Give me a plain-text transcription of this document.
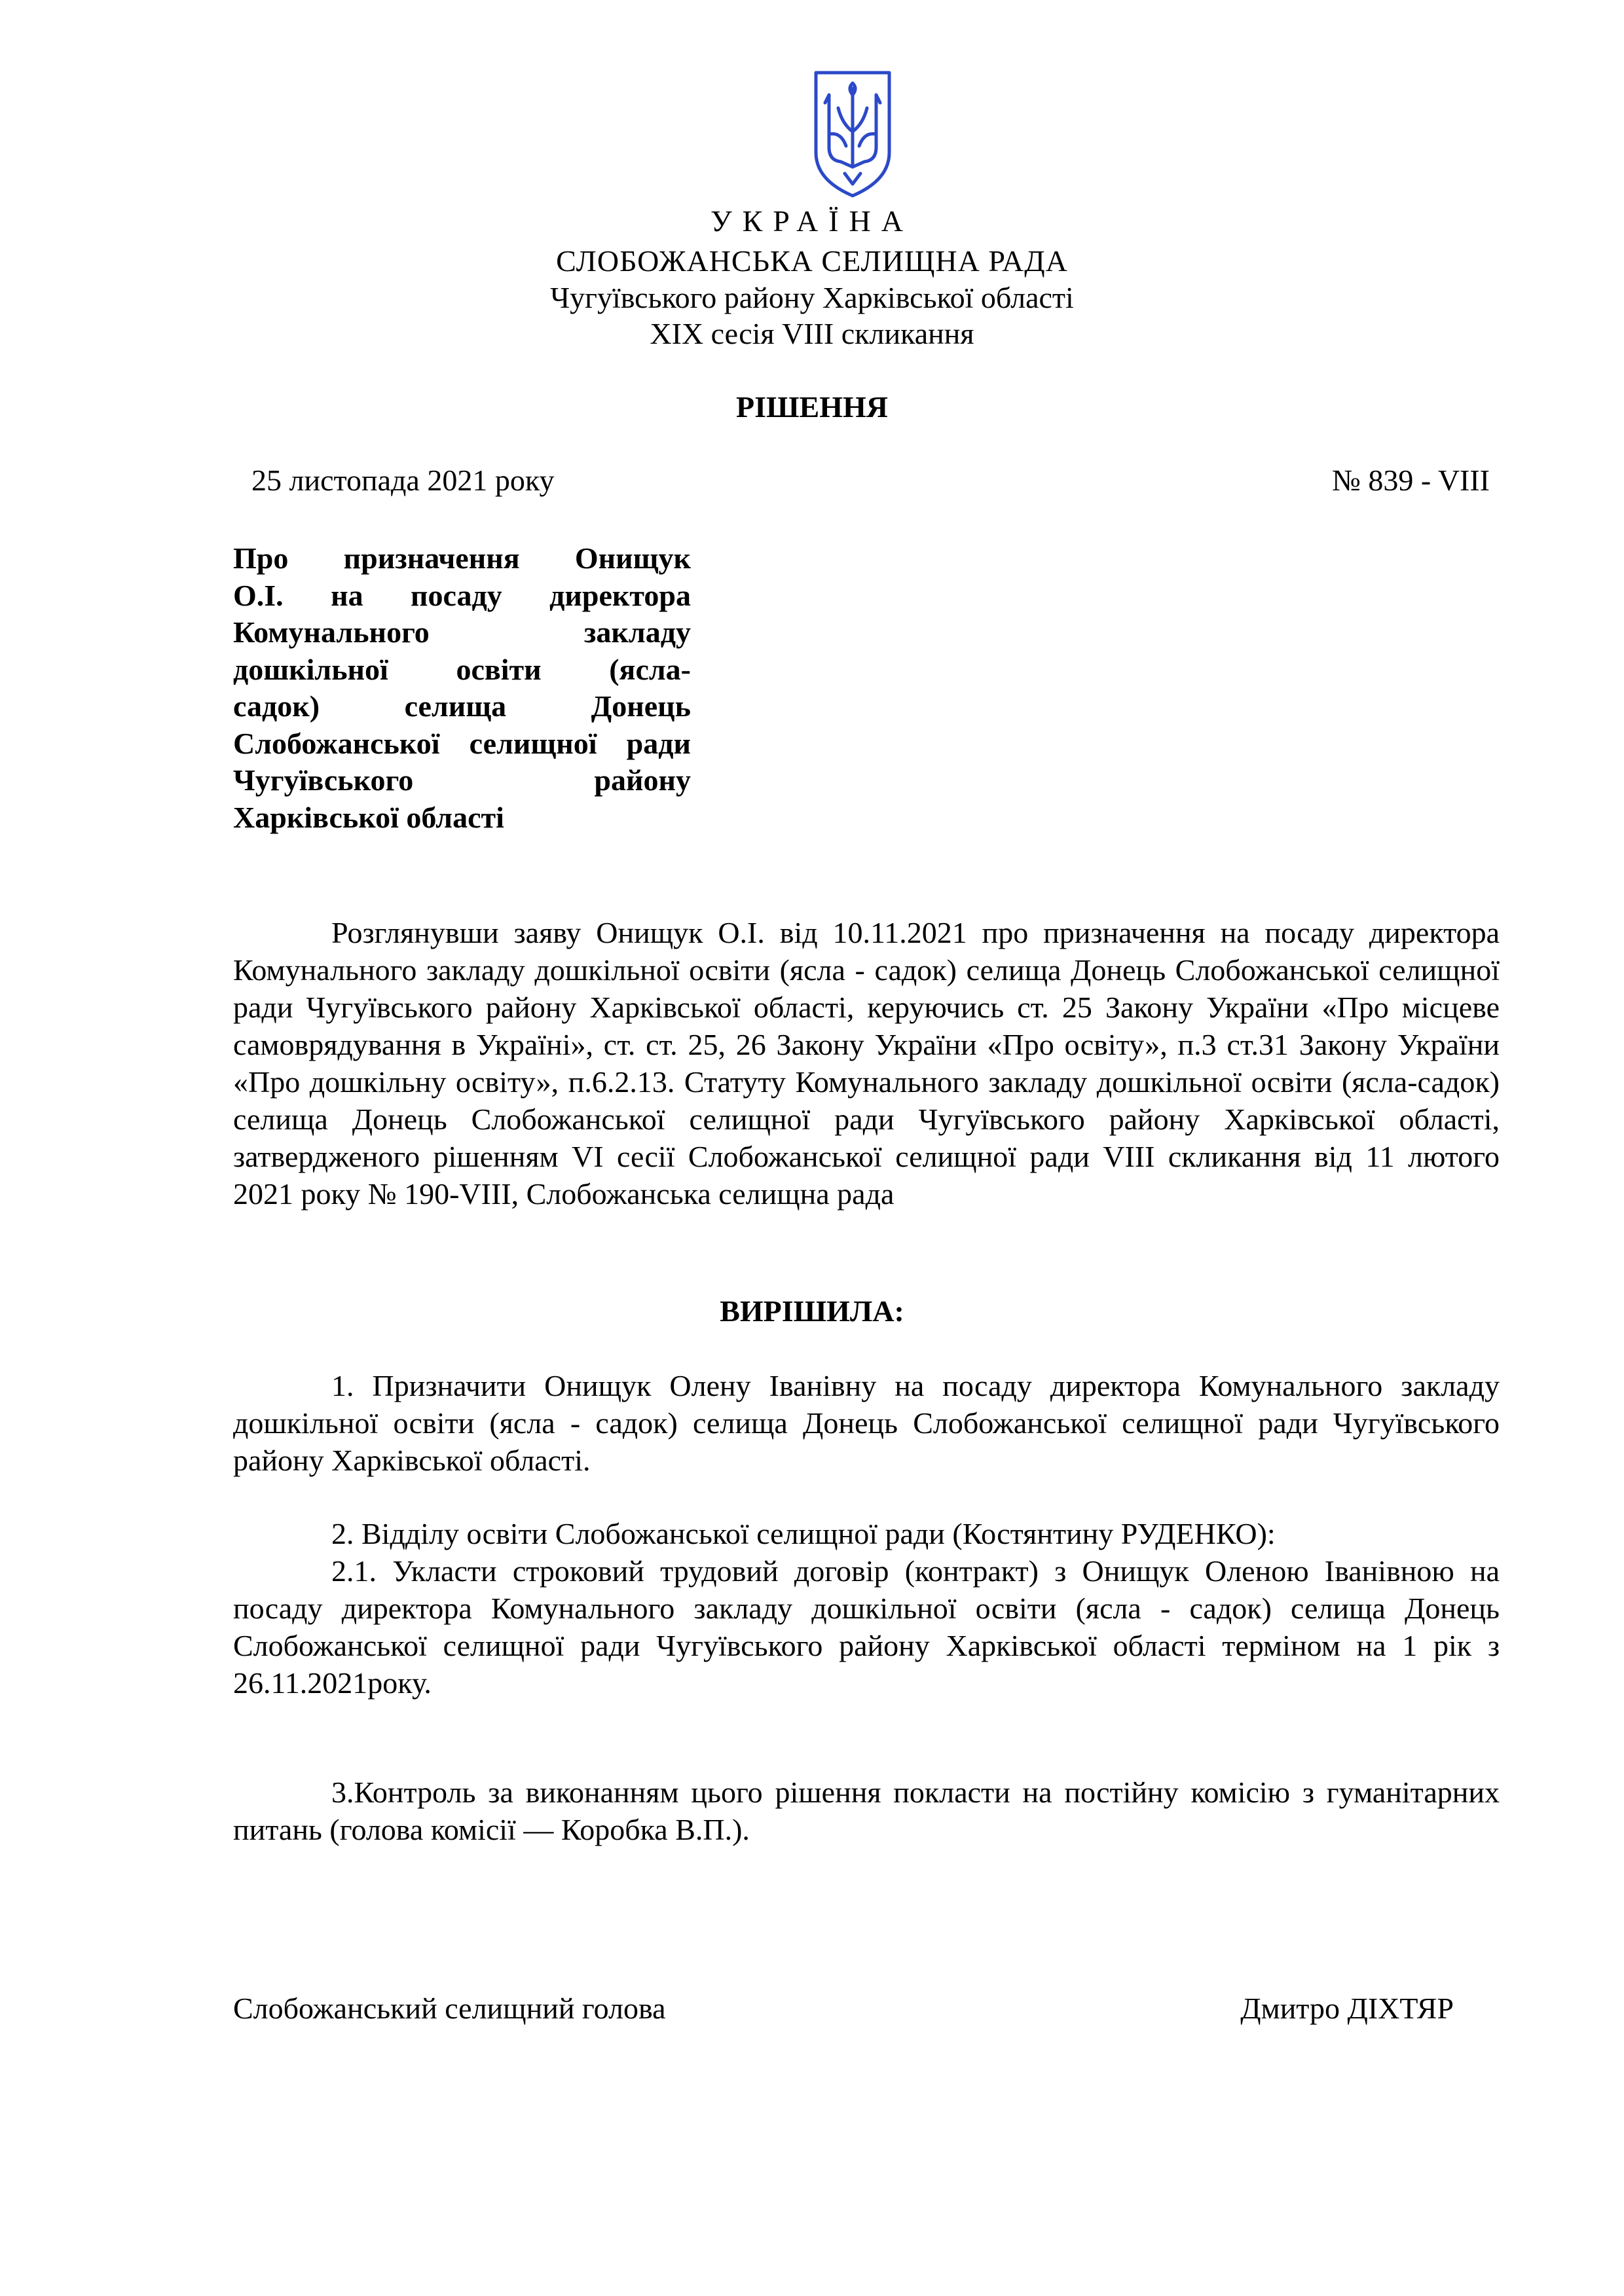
УКРАЇНА
СЛОБОЖАНСЬКА СЕЛИЩНА РАДА
Чугуївського району Харківської області
XIX сесія VIII скликання
РІШЕННЯ
25 листопада 2021 року	№ 839 - VIII
Про призначення Онищук
О.І. на посаду директора
Комунального закладу
дошкільної освіти (ясла-
садок) селища Донець
Слобожанської селищної ради
Чугуївського району
Харківської області

Розглянувши заяву Онищук О.І. від 10.11.2021 про призначення на посаду директора Комунального закладу дошкільної освіти (ясла - садок) селища Донець Слобожанської селищної ради Чугуївського району Харківської області, керуючись ст. 25 Закону України «Про місцеве самоврядування в Україні», ст. ст. 25, 26 Закону України «Про освіту», п.3 ст.31 Закону України «Про дошкільну освіту», п.6.2.13. Статуту Комунального закладу дошкільної освіти (ясла-садок) селища Донець Слобожанської селищної ради Чугуївського району Харківської області, затвердженого рішенням VI сесії Слобожанської селищної ради VIII скликання від 11 лютого 2021 року № 190-VIII, Слобожанська селищна рада

ВИРІШИЛА:

1. Призначити Онищук Олену Іванівну на посаду директора Комунального закладу дошкільної освіти (ясла - садок) селища Донець Слобожанської селищної ради Чугуївського району Харківської області.

2. Відділу освіти Слобожанської селищної ради (Костянтину РУДЕНКО):

2.1. Укласти строковий трудовий договір (контракт) з Онищук Оленою Іванівною на посаду директора Комунального закладу дошкільної освіти (ясла - садок) селища Донець Слобожанської селищної ради Чугуївського району Харківської області терміном на 1 рік з 26.11.2021року.

3.Контроль за виконанням цього рішення покласти на постійну комісію з гуманітарних питань (голова комісії — Коробка В.П.).

Слобожанський селищний голова	Дмитро ДІХТЯР
